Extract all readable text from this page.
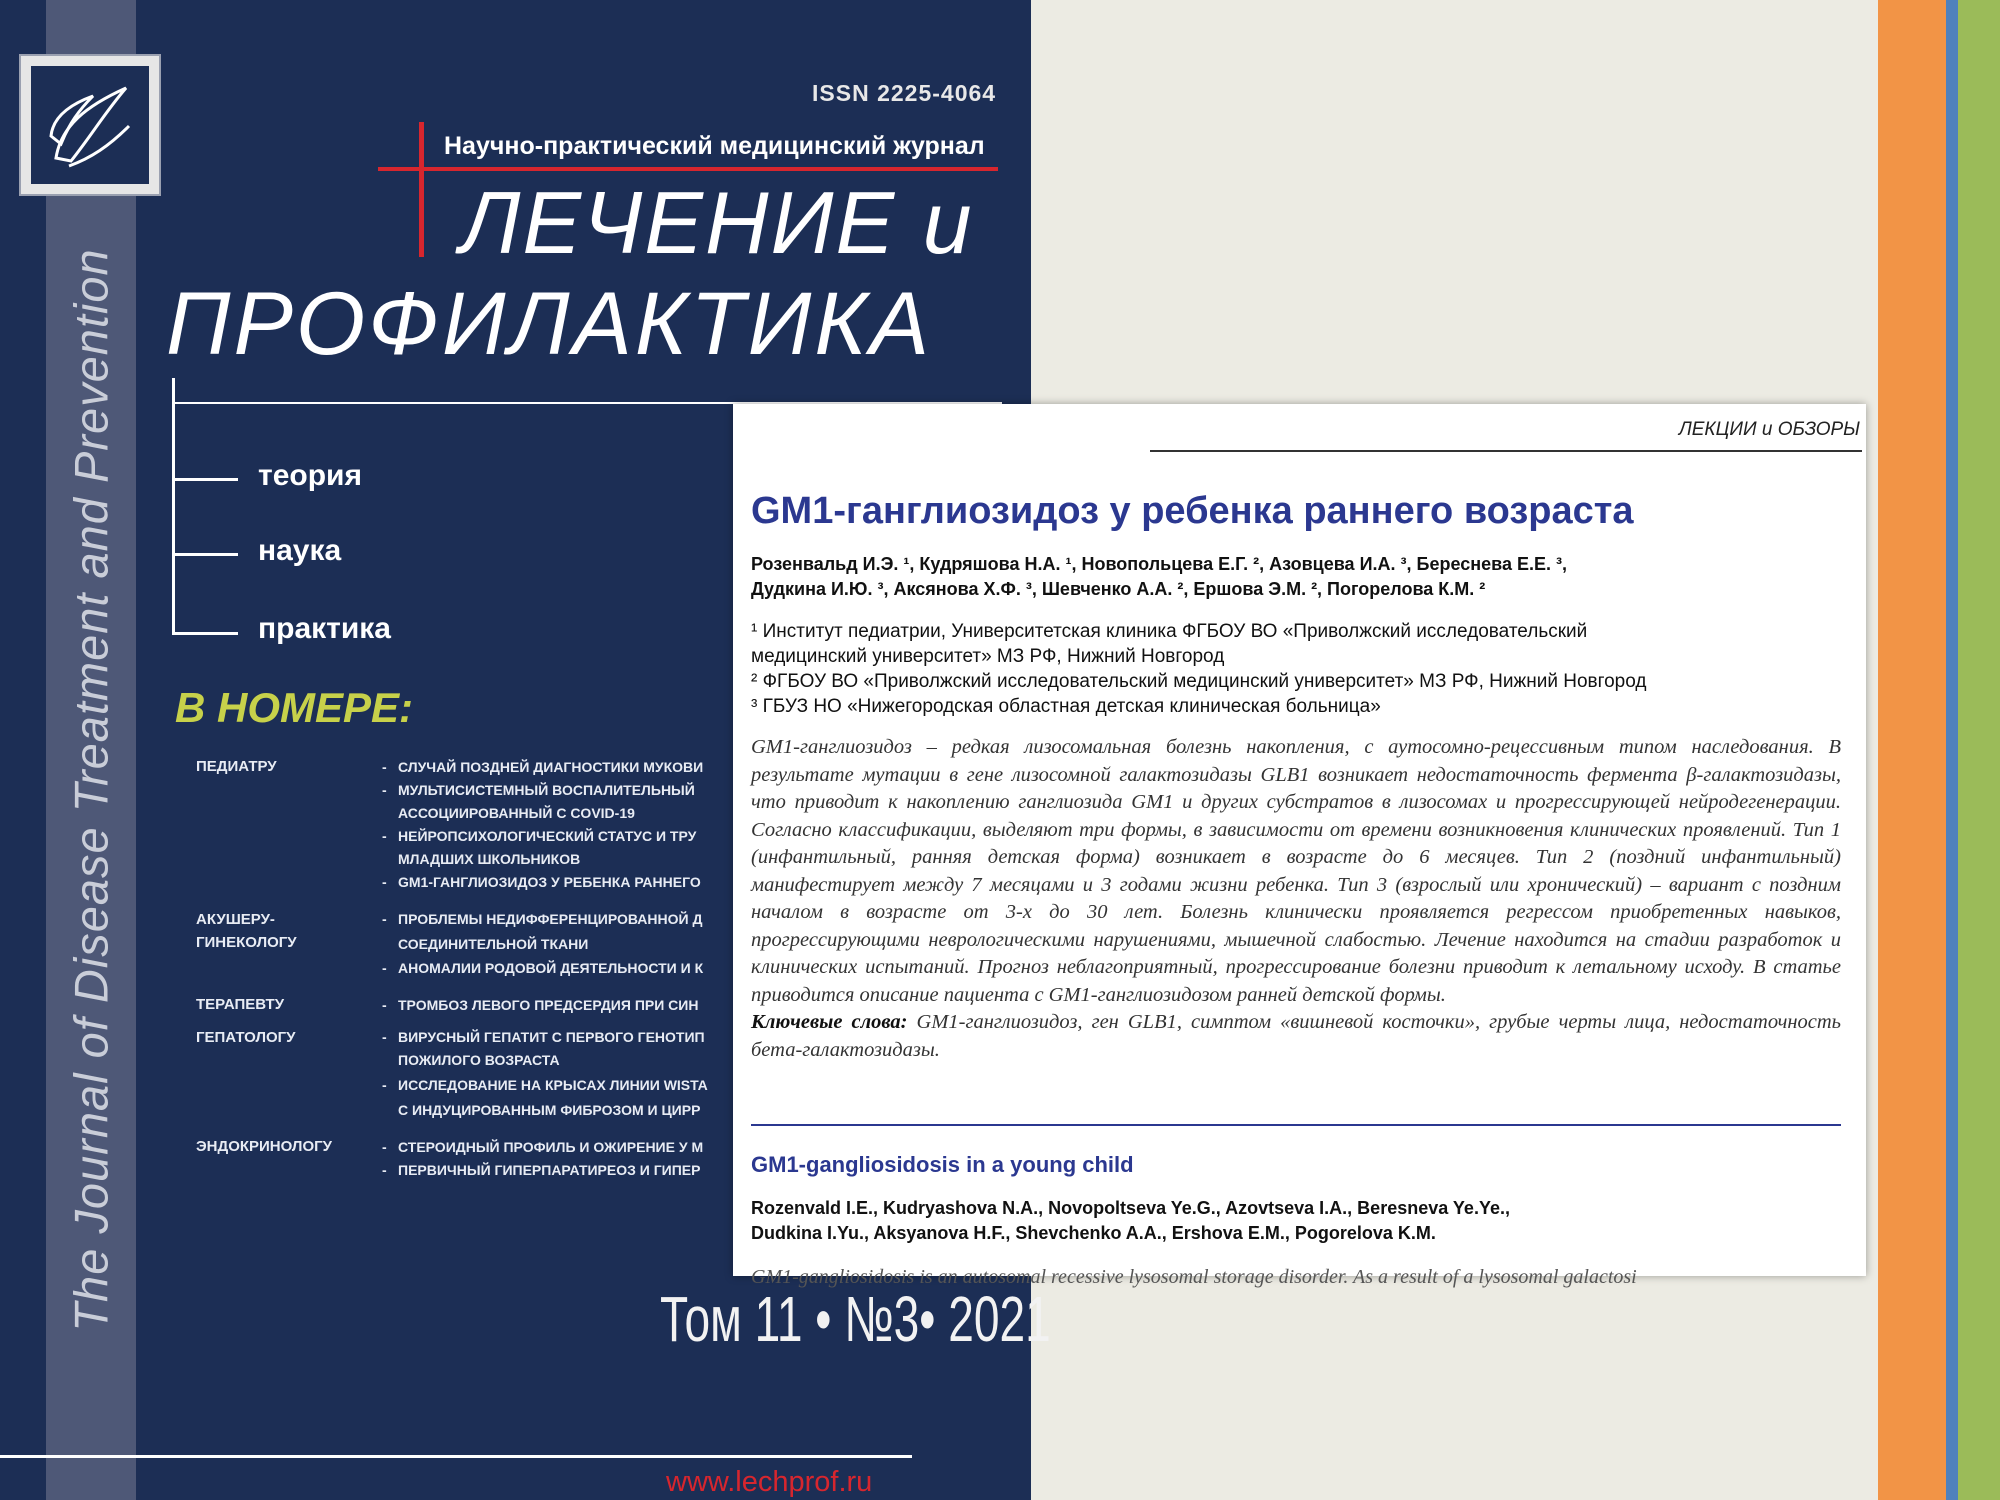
The Journal of Disease Treatment and Prevention
ISSN 2225-4064
Научно-практический медицинский журнал
ЛЕЧЕНИЕ и
ПРОФИЛАКТИКА
теория
наука
практика
В НОМЕРЕ:
ПЕДИАТРУ	- СЛУЧАЙ ПОЗДНЕЙ ДИАГНОСТИКИ МУКОВИ
- МУЛЬТИСИСТЕМНЫЙ ВОСПАЛИТЕЛЬНЫЙ
АССОЦИИРОВАННЫЙ С COVID-19
- НЕЙРОПСИХОЛОГИЧЕСКИЙ СТАТУС И ТРУ
МЛАДШИХ ШКОЛЬНИКОВ
- GM1-ГАНГЛИОЗИДОЗ У РЕБЕНКА РАННЕГО
АКУШЕРУ-
ГИНЕКОЛОГУ
- ПРОБЛЕМЫ НЕДИФФЕРЕНЦИРОВАННОЙ Д
СОЕДИНИТЕЛЬНОЙ ТКАНИ
- АНОМАЛИИ РОДОВОЙ ДЕЯТЕЛЬНОСТИ И К
ТЕРАПЕВТУ	- ТРОМБОЗ ЛЕВОГО ПРЕДСЕРДИЯ ПРИ СИН
ГЕПАТОЛОГУ	- ВИРУСНЫЙ ГЕПАТИТ С ПЕРВОГО ГЕНОТИП
ПОЖИЛОГО ВОЗРАСТА
- ИССЛЕДОВАНИЕ НА КРЫСАХ ЛИНИИ WISTA
С ИНДУЦИРОВАННЫМ ФИБРОЗОМ И ЦИРР
ЭНДОКРИНОЛОГУ	- СТЕРОИДНЫЙ ПРОФИЛЬ И ОЖИРЕНИЕ У М
- ПЕРВИЧНЫЙ ГИПЕРПАРАТИРЕОЗ И ГИПЕР
Том 11 • №3• 2021
www.lechprof.ru
ЛЕКЦИИ и ОБЗОРЫ
GM1-ганглиозидоз у ребенка раннего возраста
Розенвальд И.Э. ¹, Кудряшова Н.А. ¹, Новопольцева Е.Г. ², Азовцева И.А. ³, Береснева Е.Е. ³,
Дудкина И.Ю. ³, Аксянова Х.Ф. ³, Шевченко А.А. ², Ершова Э.М. ², Погорелова К.М. ²
¹ Институт педиатрии, Университетская клиника ФГБОУ ВО «Приволжский исследовательский
медицинский университет» МЗ РФ, Нижний Новгород
² ФГБОУ ВО «Приволжский исследовательский медицинский университет» МЗ РФ, Нижний Новгород
³ ГБУЗ НО «Нижегородская областная детская клиническая больница»
GM1-ганглиозидоз – редкая лизосомальная болезнь накопления, с аутосомно-рецессивным типом наследования. В результате мутации в гене лизосомной галактозидазы GLB1 возникает недостаточность фермента β-галактозидазы, что приводит к накоплению ганглиозида GM1 и других субстратов в лизосомах и прогрессирующей нейродегенерации. Согласно классификации, выделяют три формы, в зависимости от времени возникновения клинических проявлений. Тип 1 (инфантильный, ранняя детская форма) возникает в возрасте до 6 месяцев. Тип 2 (поздний инфантильный) манифестирует между 7 месяцами и 3 годами жизни ребенка. Тип 3 (взрослый или хронический) – вариант с поздним началом в возрасте от 3-х до 30 лет. Болезнь клинически проявляется регрессом приобретенных навыков, прогрессирующими неврологическими нарушениями, мышечной слабостью. Лечение находится на стадии разработок и клинических испытаний. Прогноз неблагоприятный, прогрессирование болезни приводит к летальному исходу. В статье приводится описание пациента с GM1-ганглиозидозом ранней детской формы.
Ключевые слова: GM1-ганглиозидоз, ген GLB1, симптом «вишневой косточки», грубые черты лица, недостаточность бета-галактозидазы.
GM1-gangliosidosis in a young child
Rozenvald I.E., Kudryashova N.A., Novopoltseva Ye.G., Azovtseva I.A., Beresneva Ye.Ye.,
Dudkina I.Yu., Aksyanova H.F., Shevchenko A.A., Ershova E.M., Pogorelova K.M.
GM1-gangliosidosis is an autosomal recessive lysosomal storage disorder. As a result of a lysosomal galactosi
